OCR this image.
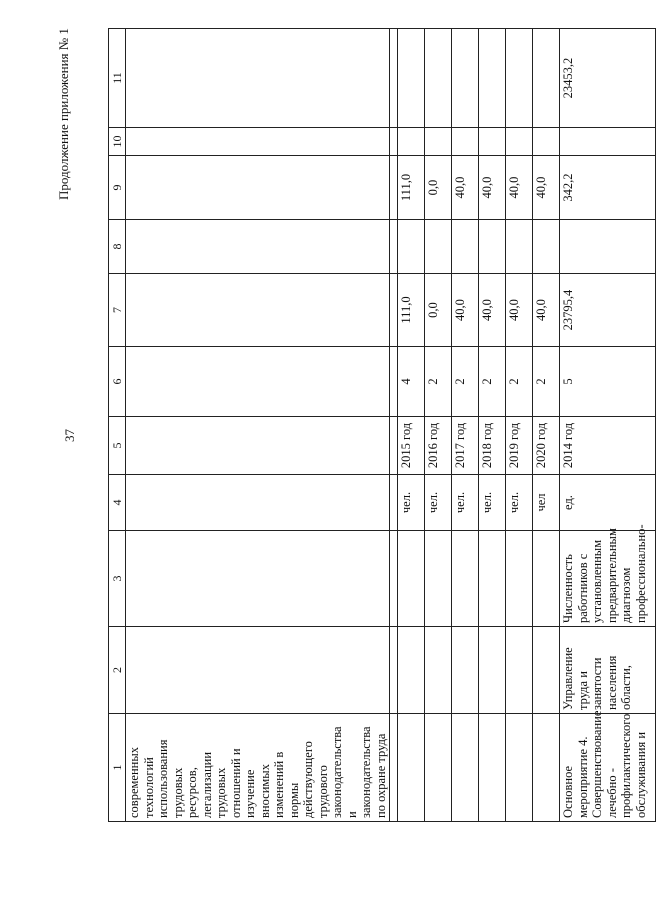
37
Продолжение приложения № 1
1	2	3	4	5	6	7	8	9	10	11
современных технологий использования трудовых ресурсов, легализации трудовых отношений и изучение вносимых изменений в нормы действующего трудового законодательства и законодательства по охране труда										

			чел.	2015 год	4	111,0		111,0		
			чел.	2016 год	2	0,0		0,0		
			чел.	2017 год	2	40,0		40,0		
			чел.	2018 год	2	40,0		40,0		
			чел.	2019 год	2	40,0		40,0		
			чел	2020 год	2	40,0		40,0		
Основное мероприятие 4. Совершенствование лечебно - профилактического обслуживания и	Управление труда и занятости населения области,	Численность работников с установленным предварительным диагнозом профессионально-	ед.	2014 год	5	23795,4		342,2		23453,2
